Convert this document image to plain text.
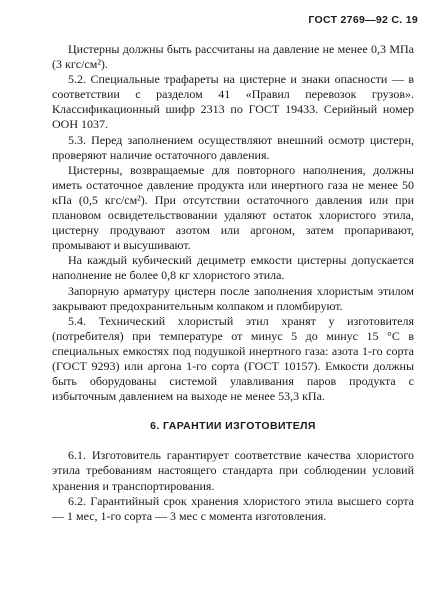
ГОСТ 2769—92 С. 19

Цистерны должны быть рассчитаны на давление не менее 0,3 МПа (3 кгс/см²).

5.2. Специальные трафареты на цистерне и знаки опасности — в соответствии с разделом 41 «Правил перевозок грузов». Классификационный шифр 2313 по ГОСТ 19433. Серийный номер ООН 1037.

5.3. Перед заполнением осуществляют внешний осмотр цистерн, проверяют наличие остаточного давления.

Цистерны, возвращаемые для повторного наполнения, должны иметь остаточное давление продукта или инертного газа не менее 50 кПа (0,5 кгс/см²). При отсутствии остаточного давления или при плановом освидетельствовании удаляют остаток хлористого этила, цистерну продувают азотом или аргоном, затем пропаривают, промывают и высушивают.

На каждый кубический дециметр емкости цистерны допускается наполнение не более 0,8 кг хлористого этила.

Запорную арматуру цистерн после заполнения хлористым этилом закрывают предохранительным колпаком и пломбируют.

5.4. Технический хлористый этил хранят у изготовителя (потребителя) при температуре от минус 5 до минус 15 °С в специальных емкостях под подушкой инертного газа: азота 1-го сорта (ГОСТ 9293) или аргона 1-го сорта (ГОСТ 10157). Емкости должны быть оборудованы системой улавливания паров продукта с избыточным давлением на выходе не менее 53,3 кПа.

6. ГАРАНТИИ ИЗГОТОВИТЕЛЯ

6.1. Изготовитель гарантирует соответствие качества хлористого этила требованиям настоящего стандарта при соблюдении условий хранения и транспортирования.

6.2. Гарантийный срок хранения хлористого этила высшего сорта — 1 мес, 1-го сорта — 3 мес с момента изготовления.
